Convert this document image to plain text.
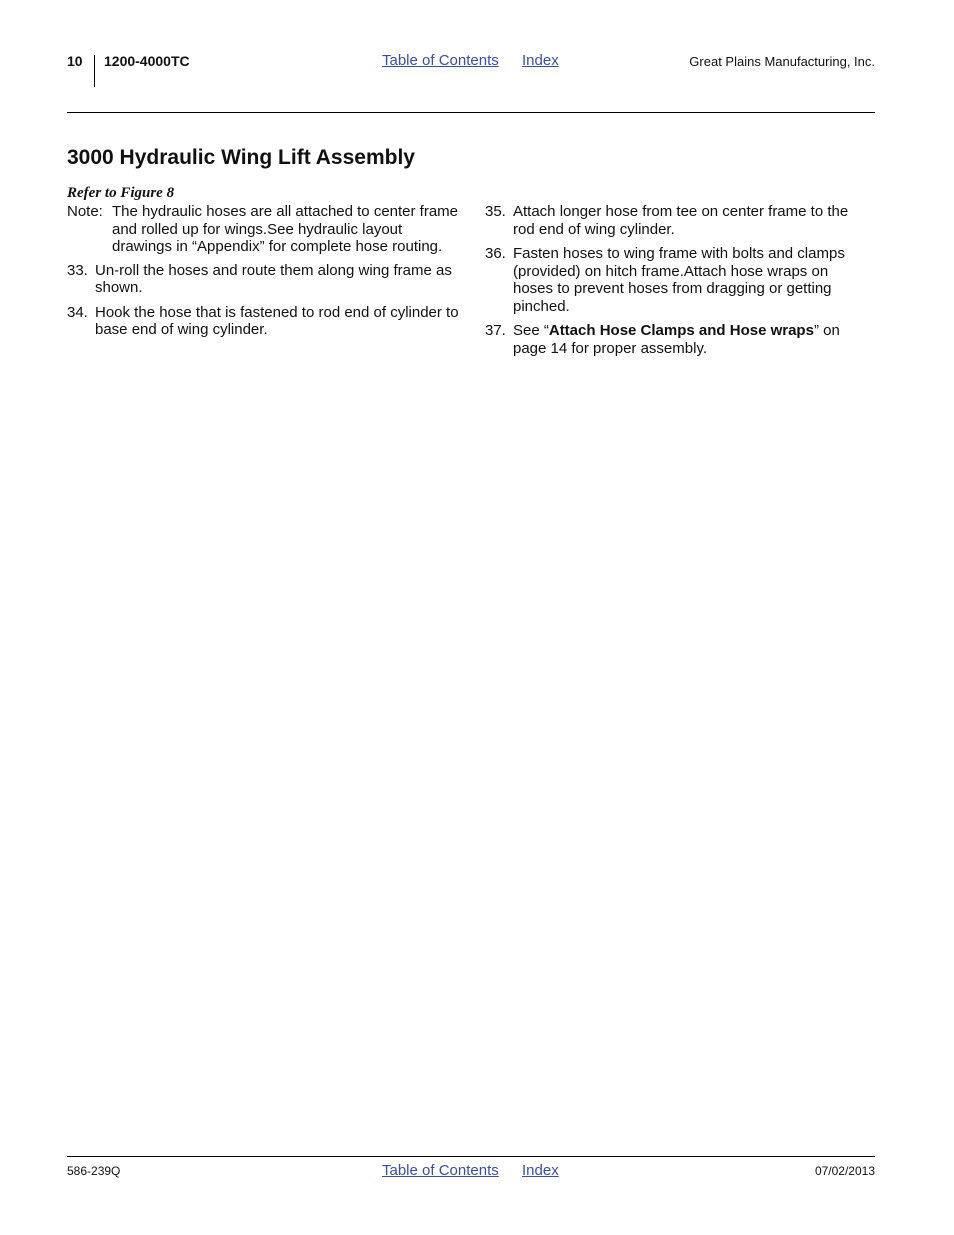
10 1200-4000TC	Table of Contents Index	Great Plains Manufacturing, Inc.
3000 Hydraulic Wing Lift Assembly
Refer to Figure 8
Note: The hydraulic hoses are all attached to center frame and rolled up for wings.See hydraulic layout drawings in “Appendix” for complete hose routing.
33. Un-roll the hoses and route them along wing frame as shown.
34. Hook the hose that is fastened to rod end of cylinder to base end of wing cylinder.
35. Attach longer hose from tee on center frame to the rod end of wing cylinder.
36. Fasten hoses to wing frame with bolts and clamps (provided) on hitch frame.Attach hose wraps on hoses to prevent hoses from dragging or getting pinched.
37. See “Attach Hose Clamps and Hose wraps” on page 14 for proper assembly.
586-239Q	Table of Contents Index	07/02/2013
